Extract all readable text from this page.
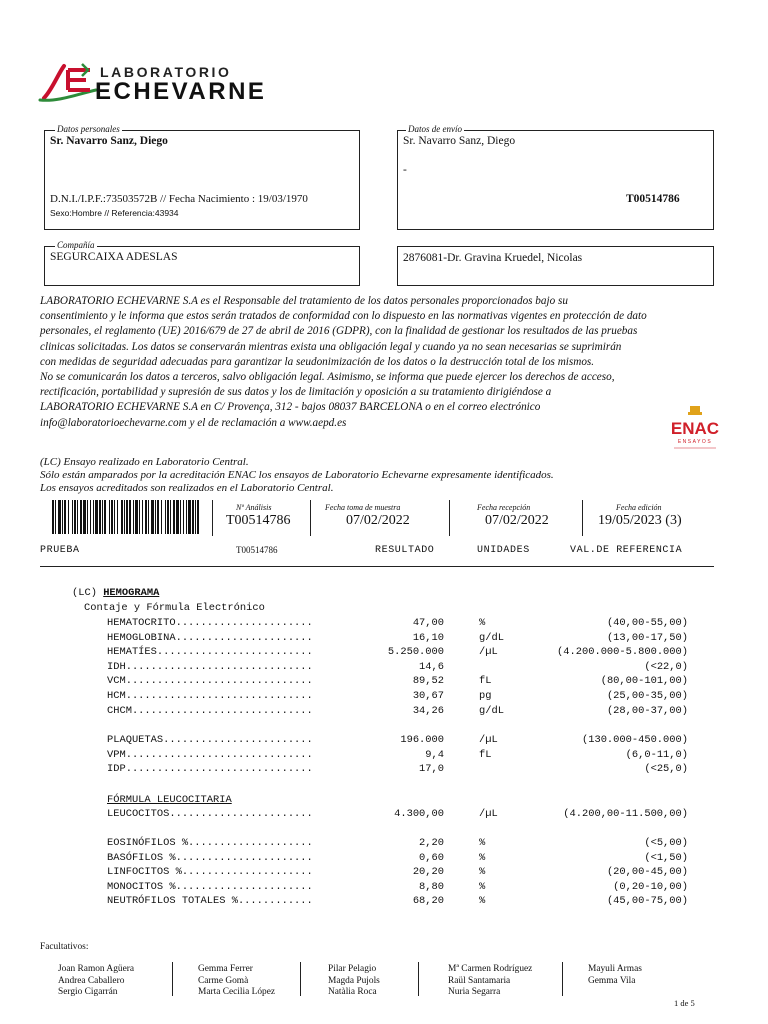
LABORATORIO
ECHEVARNE
Datos personales
Sr. Navarro Sanz, Diego
D.N.I./I.P.F.:73503572B // Fecha Nacimiento : 19/03/1970
Sexo:Hombre // Referencia:43934
Datos de envío
Sr. Navarro Sanz, Diego
-
T00514786
Compañía
SEGURCAIXA ADESLAS	2876081-Dr. Gravina Kruedel, Nicolas
LABORATORIO ECHEVARNE S.A es el Responsable del tratamiento de los datos personales proporcionados bajo su
consentimiento y le informa que estos serán tratados de conformidad con lo dispuesto en las normativas vigentes en protección de dato
personales, el reglamento (UE) 2016/679 de 27 de abril de 2016 (GDPR), con la finalidad de gestionar los resultados de las pruebas
clinicas solicitadas. Los datos se conservarán mientras exista una obligación legal y cuando ya no sean necesarias se suprimirán
con medidas de seguridad adecuadas para garantizar la seudonimización de los datos o la destrucción total de los mismos.
No se comunicarán los datos a terceros, salvo obligación legal. Asimismo, se informa que puede ejercer los derechos de acceso,
rectificación, portabilidad y supresión de sus datos y los de limitación y oposición a su tratamiento dirigiéndose a
LABORATORIO ECHEVARNE S.A en C/ Provença, 312 - bajos 08037 BARCELONA o en el correo electrónico
info@laboratorioechevarne.com y el de reclamación a www.aepd.es	ENAC
ENSAYOS
(LC) Ensayo realizado en Laboratorio Central.
Sólo están amparados por la acreditación ENAC los ensayos de Laboratorio Echevarne expresamente identificados.
Los ensayos acreditados son realizados en el Laboratorio Central.
Nº Análisis
T00514786
Fecha toma de muestra
07/02/2022
Fecha recepción
07/02/2022
Fecha edición
19/05/2023 (3)
PRUEBA	T00514786	RESULTADO	UNIDADES	VAL.DE REFERENCIA
(LC) HEMOGRAMA
Contaje y Fórmula Electrónico
HEMATOCRITO......................	47,00	%	(40,00-55,00)
HEMOGLOBINA......................	16,10	g/dL	(13,00-17,50)
HEMATÍES.........................	5.250.000	/µL	(4.200.000-5.800.000)
IDH..............................	14,6	(<22,0)
VCM..............................	89,52	fL	(80,00-101,00)
HCM..............................	30,67	pg	(25,00-35,00)
CHCM.............................	34,26	g/dL	(28,00-37,00)
PLAQUETAS........................	196.000	/µL	(130.000-450.000)
VPM..............................	9,4	fL	(6,0-11,0)
IDP..............................	17,0	(<25,0)
FÓRMULA LEUCOCITARIA
LEUCOCITOS.......................	4.300,00	/µL	(4.200,00-11.500,00)
EOSINÓFILOS %....................	2,20	%	(<5,00)
BASÓFILOS %......................	0,60	%	(<1,50)
LINFOCITOS %.....................	20,20	%	(20,00-45,00)
MONOCITOS %......................	8,80	%	(0,20-10,00)
NEUTRÓFILOS TOTALES %............	68,20	%	(45,00-75,00)
Facultativos:
Joan Ramon Agüera
Andrea Caballero
Sergio Cigarrán
Gemma Ferrer
Carme Gomà
Marta Cecilia López
Pilar Pelagio
Magda Pujols
Natàlia Roca
Mª Carmen Rodríguez
Raül Santamaria
Nuria Segarra
Mayuli Armas
Gemma Vila
1 de 5
